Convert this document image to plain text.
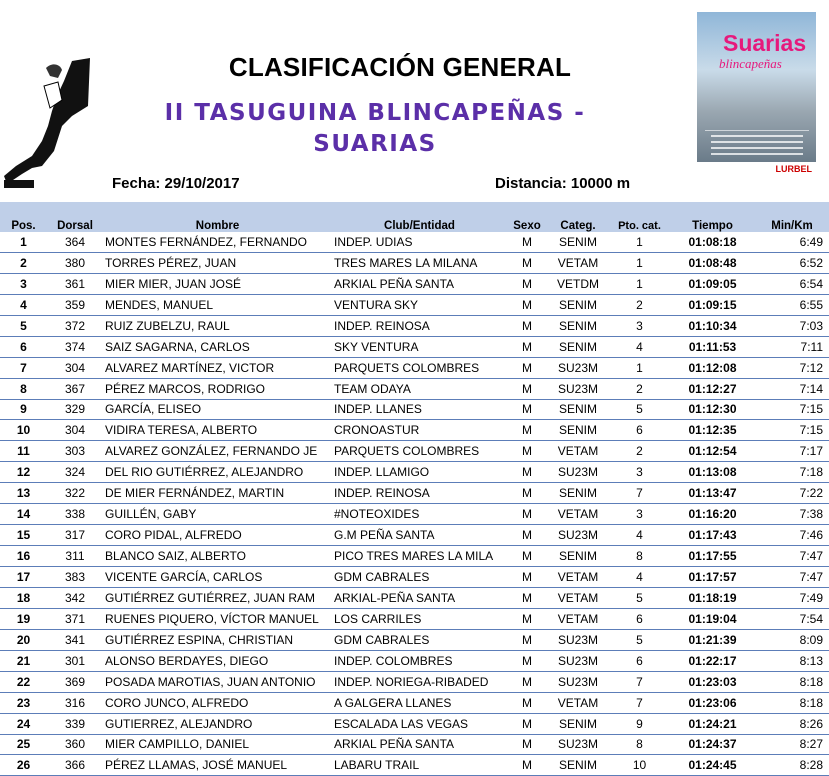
CLASIFICACIÓN GENERAL
II TASUGUINA BLINCAPEÑAS -
SUARIAS
Suarias
blincapeñas
LURBEL
Fecha: 29/10/2017	Distancia: 10000 m
Pos.	Dorsal	Nombre	Club/Entidad	Sexo	Categ.	Pto. cat.	Tiempo	Min/Km
1	364	MONTES FERNÁNDEZ, FERNANDO	INDEP. UDIAS	M	SENIM	1	01:08:18	6:49
2	380	TORRES PÉREZ, JUAN	TRES MARES LA MILANA	M	VETAM	1	01:08:48	6:52
3	361	MIER MIER, JUAN JOSÉ	ARKIAL PEÑA SANTA	M	VETDM	1	01:09:05	6:54
4	359	MENDES, MANUEL	VENTURA SKY	M	SENIM	2	01:09:15	6:55
5	372	RUIZ ZUBELZU, RAUL	INDEP. REINOSA	M	SENIM	3	01:10:34	7:03
6	374	SAIZ SAGARNA, CARLOS	SKY VENTURA	M	SENIM	4	01:11:53	7:11
7	304	ALVAREZ MARTÍNEZ, VICTOR	PARQUETS COLOMBRES	M	SU23M	1	01:12:08	7:12
8	367	PÉREZ MARCOS, RODRIGO	TEAM ODAYA	M	SU23M	2	01:12:27	7:14
9	329	GARCÍA, ELISEO	INDEP. LLANES	M	SENIM	5	01:12:30	7:15
10	304	VIDIRA TERESA, ALBERTO	CRONOASTUR	M	SENIM	6	01:12:35	7:15
11	303	ALVAREZ GONZÁLEZ, FERNANDO JE	PARQUETS COLOMBRES	M	VETAM	2	01:12:54	7:17
12	324	DEL RIO GUTIÉRREZ, ALEJANDRO	INDEP. LLAMIGO	M	SU23M	3	01:13:08	7:18
13	322	DE MIER FERNÁNDEZ, MARTIN	INDEP. REINOSA	M	SENIM	7	01:13:47	7:22
14	338	GUILLÉN, GABY	#NOTEOXIDES	M	VETAM	3	01:16:20	7:38
15	317	CORO PIDAL, ALFREDO	G.M PEÑA SANTA	M	SU23M	4	01:17:43	7:46
16	311	BLANCO SAIZ, ALBERTO	PICO TRES MARES LA MILA	M	SENIM	8	01:17:55	7:47
17	383	VICENTE GARCÍA, CARLOS	GDM CABRALES	M	VETAM	4	01:17:57	7:47
18	342	GUTIÉRREZ GUTIÉRREZ, JUAN RAM	ARKIAL-PEÑA SANTA	M	VETAM	5	01:18:19	7:49
19	371	RUENES PIQUERO, VÍCTOR MANUEL	LOS CARRILES	M	VETAM	6	01:19:04	7:54
20	341	GUTIÉRREZ ESPINA, CHRISTIAN	GDM CABRALES	M	SU23M	5	01:21:39	8:09
21	301	ALONSO BERDAYES, DIEGO	INDEP. COLOMBRES	M	SU23M	6	01:22:17	8:13
22	369	POSADA MAROTIAS, JUAN ANTONIO	INDEP. NORIEGA-RIBADED	M	SU23M	7	01:23:03	8:18
23	316	CORO JUNCO, ALFREDO	A GALGERA LLANES	M	VETAM	7	01:23:06	8:18
24	339	GUTIERREZ, ALEJANDRO	ESCALADA LAS VEGAS	M	SENIM	9	01:24:21	8:26
25	360	MIER CAMPILLO, DANIEL	ARKIAL PEÑA SANTA	M	SU23M	8	01:24:37	8:27
26	366	PÉREZ LLAMAS, JOSÉ MANUEL	LABARU TRAIL	M	SENIM	10	01:24:45	8:28
